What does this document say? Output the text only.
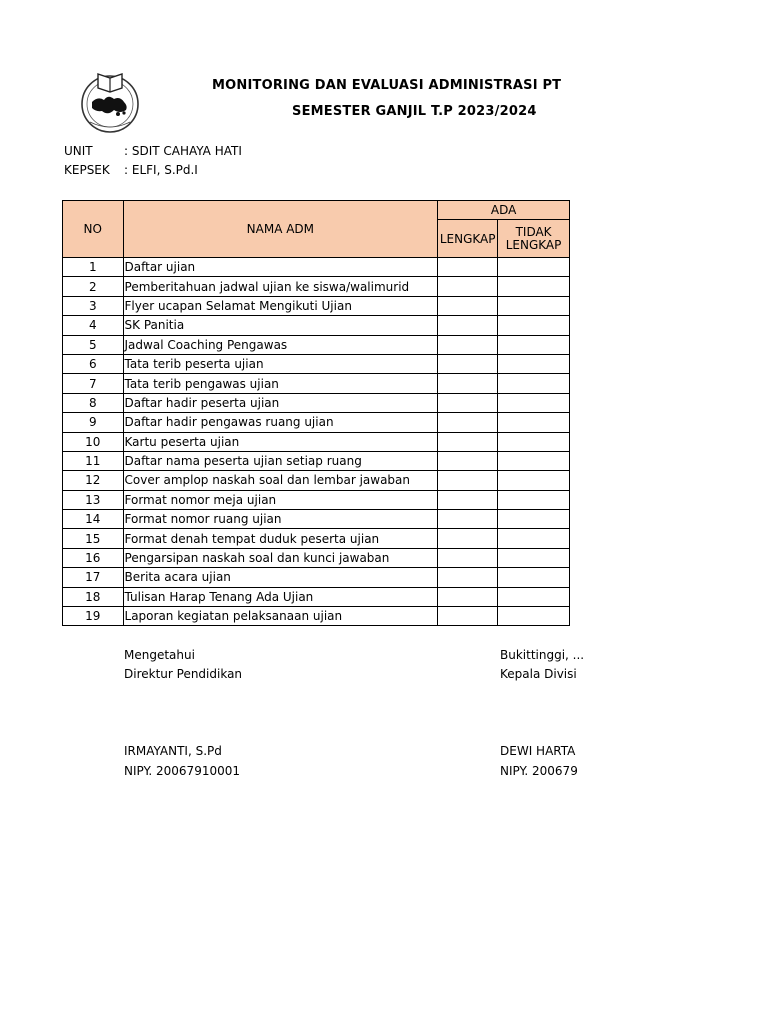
MONITORING DAN EVALUASI ADMINISTRASI PT
SEMESTER GANJIL T.P 2023/2024
UNIT	: SDIT CAHAYA HATI
KEPSEK : ELFI, S.Pd.I
NO	NAMA ADM	ADA	
		LENGKAP	TIDAK
LENGKAP
1	Daftar ujian		
2	Pemberitahuan jadwal ujian ke siswa/walimurid		
3	Flyer ucapan Selamat Mengikuti Ujian		
4	SK Panitia		
5	Jadwal Coaching Pengawas		
6	Tata terib peserta ujian		
7	Tata terib pengawas ujian		
8	Daftar hadir peserta ujian		
9	Daftar hadir pengawas ruang ujian		
10	Kartu peserta ujian		
11	Daftar nama peserta ujian setiap ruang		
12	Cover amplop naskah soal dan lembar jawaban		
13	Format nomor meja ujian		
14	Format nomor ruang ujian		
15	Format denah tempat duduk peserta ujian		
16	Pengarsipan naskah soal dan kunci jawaban		
17	Berita acara ujian		
18	Tulisan Harap Tenang Ada Ujian		
19	Laporan kegiatan pelaksanaan ujian		
Mengetahui
Direktur Pendidikan
IRMAYANTI, S.Pd
NIPY. 20067910001
Bukittinggi, ...
Kepala Divisi
DEWI HARTA
NIPY. 200679
